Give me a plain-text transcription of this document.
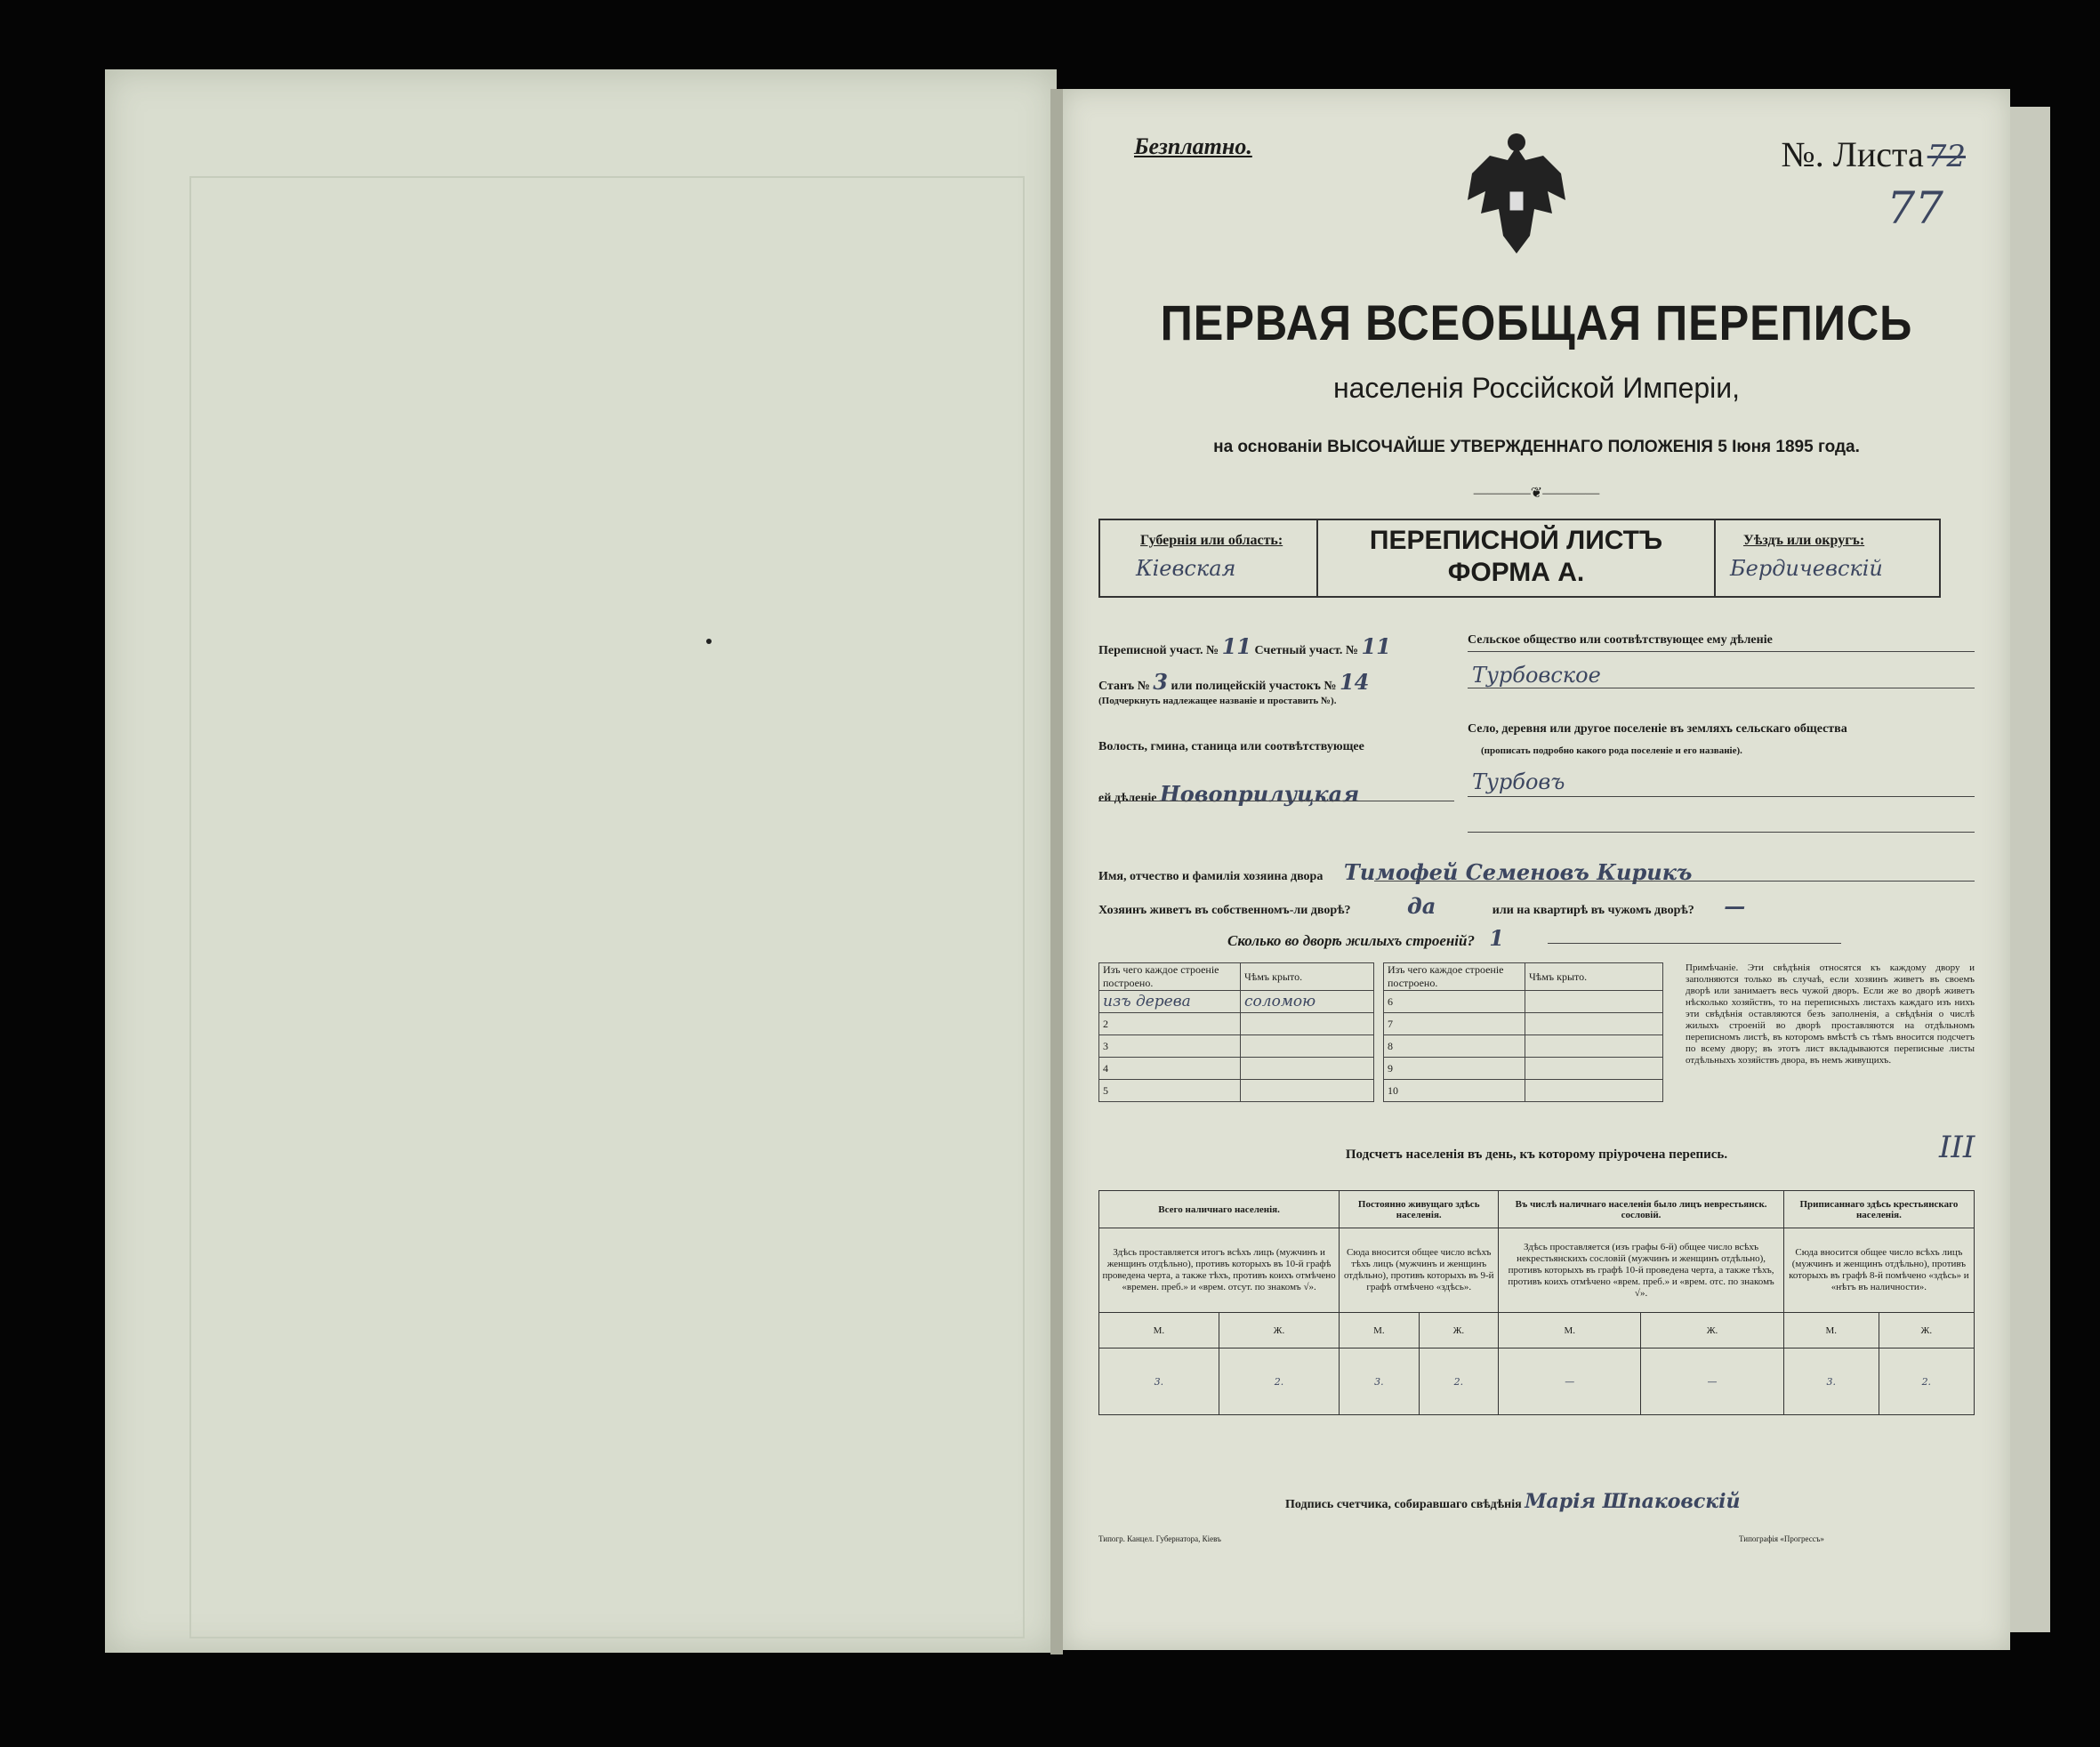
Безплатно.	№. Листа 72
77
ПЕРВАЯ ВСЕОБЩАЯ ПЕРЕПИСЬ
населенія Россійской Имперіи,
на основаніи ВЫСОЧАЙШЕ УТВЕРЖДЕННАГО ПОЛОЖЕНІЯ 5 Іюня 1895 года.
————❦————
Губернія или область:
Кіевская
ПЕРЕПИСНОЙ ЛИСТЪ
ФОРМА А.
Уѣздъ или округъ:
Бердичевскій
Переписной участ. № 11 Счетный участ. № 11
Станъ № 3 или полицейскій участокъ № 14
(Подчеркнуть надлежащее названіе и проставить №).
Волость, гмина, станица или соотвѣтствующее
ей дѣленіе Новоприлуцкая
Сельское общество или соотвѣтствующее ему дѣленіе
Турбовское
Село, деревня или другое поселеніе въ земляхъ сельскаго общества
(прописать подробно какого рода поселеніе и его названіе).
Турбовъ
Имя, отчество и фамилія хозяина двора Тимофей Семеновъ Кирикъ
Хозяинъ живетъ въ собственномъ-ли дворѣ?	да	или на квартирѣ въ чужомъ дворѣ? —
Сколько во дворѣ жилыхъ строеній? 1
Изъ чего каждое строеніе построено.	Чѣмъ крыто.
изъ дерева	соломою
2	
3	
4	
5	
Изъ чего каждое строеніе построено.	Чѣмъ крыто.
6	
7	
8	
9	
10	
Примѣчаніе. Эти свѣдѣнія относятся къ каждому двору и заполняются только въ случаѣ, если хозяинъ живетъ въ своемъ дворѣ или занимаетъ весь чужой дворъ. Если же во дворѣ живетъ нѣсколько хозяйствъ, то на переписныхъ листахъ каждаго изъ нихъ эти свѣдѣнія оставляются безъ заполненія, а свѣдѣнія о числѣ жилыхъ строеній во дворѣ проставляются на отдѣльномъ переписномъ листѣ, въ которомъ вмѣстѣ съ тѣмъ вносится подсчетъ по всему двору; въ этотъ лист вкладываются переписные листы отдѣльныхъ хозяйствъ двора, въ немъ живущихъ.
Подсчетъ населенія въ день, къ которому пріурочена перепись.	III
Всего наличнаго населенія.		Постоянно живущаго здѣсь населенія.		Въ числѣ наличнаго населенія было лицъ неврестьянск. сословій.		Приписаннаго здѣсь крестьянскаго населенія.	
Здѣсь проставляется итогъ всѣхъ лицъ (мужчинъ и женщинъ отдѣльно), противъ которыхъ въ 10-й графѣ проведена черта, а также тѣхъ, противъ коихъ отмѣчено «времен. преб.» и «врем. отсут. по знакомъ √».		Сюда вносится общее число всѣхъ тѣхъ лицъ (мужчинъ и женщинъ отдѣльно), противъ которыхъ въ 9-й графѣ отмѣчено «здѣсь».		Здѣсь проставляется (изъ графы 6-й) общее число всѣхъ некрестьянскихъ сословій (мужчинъ и женщинъ отдѣльно), противъ которыхъ въ графѣ 10-й проведена черта, а также тѣхъ, противъ коихъ отмѣчено «врем. преб.» и «врем. отс. по знакомъ √».		Сюда вносится общее число всѣхъ лицъ (мужчинъ и женщинъ отдѣльно), противъ которыхъ въ графѣ 8-й помѣчено «здѣсь» и «нѣтъ въ наличности».	
М.	Ж.	М.	Ж.	М.	Ж.	М.	Ж.
3.	2.	3.	2.	—	—	3.	2.
Подпись счетчика, собиравшаго свѣдѣнія Марія Шпаковскій
Типогр. Канцел. Губернатора, Кіевъ	Типографія «Прогрессъ»
